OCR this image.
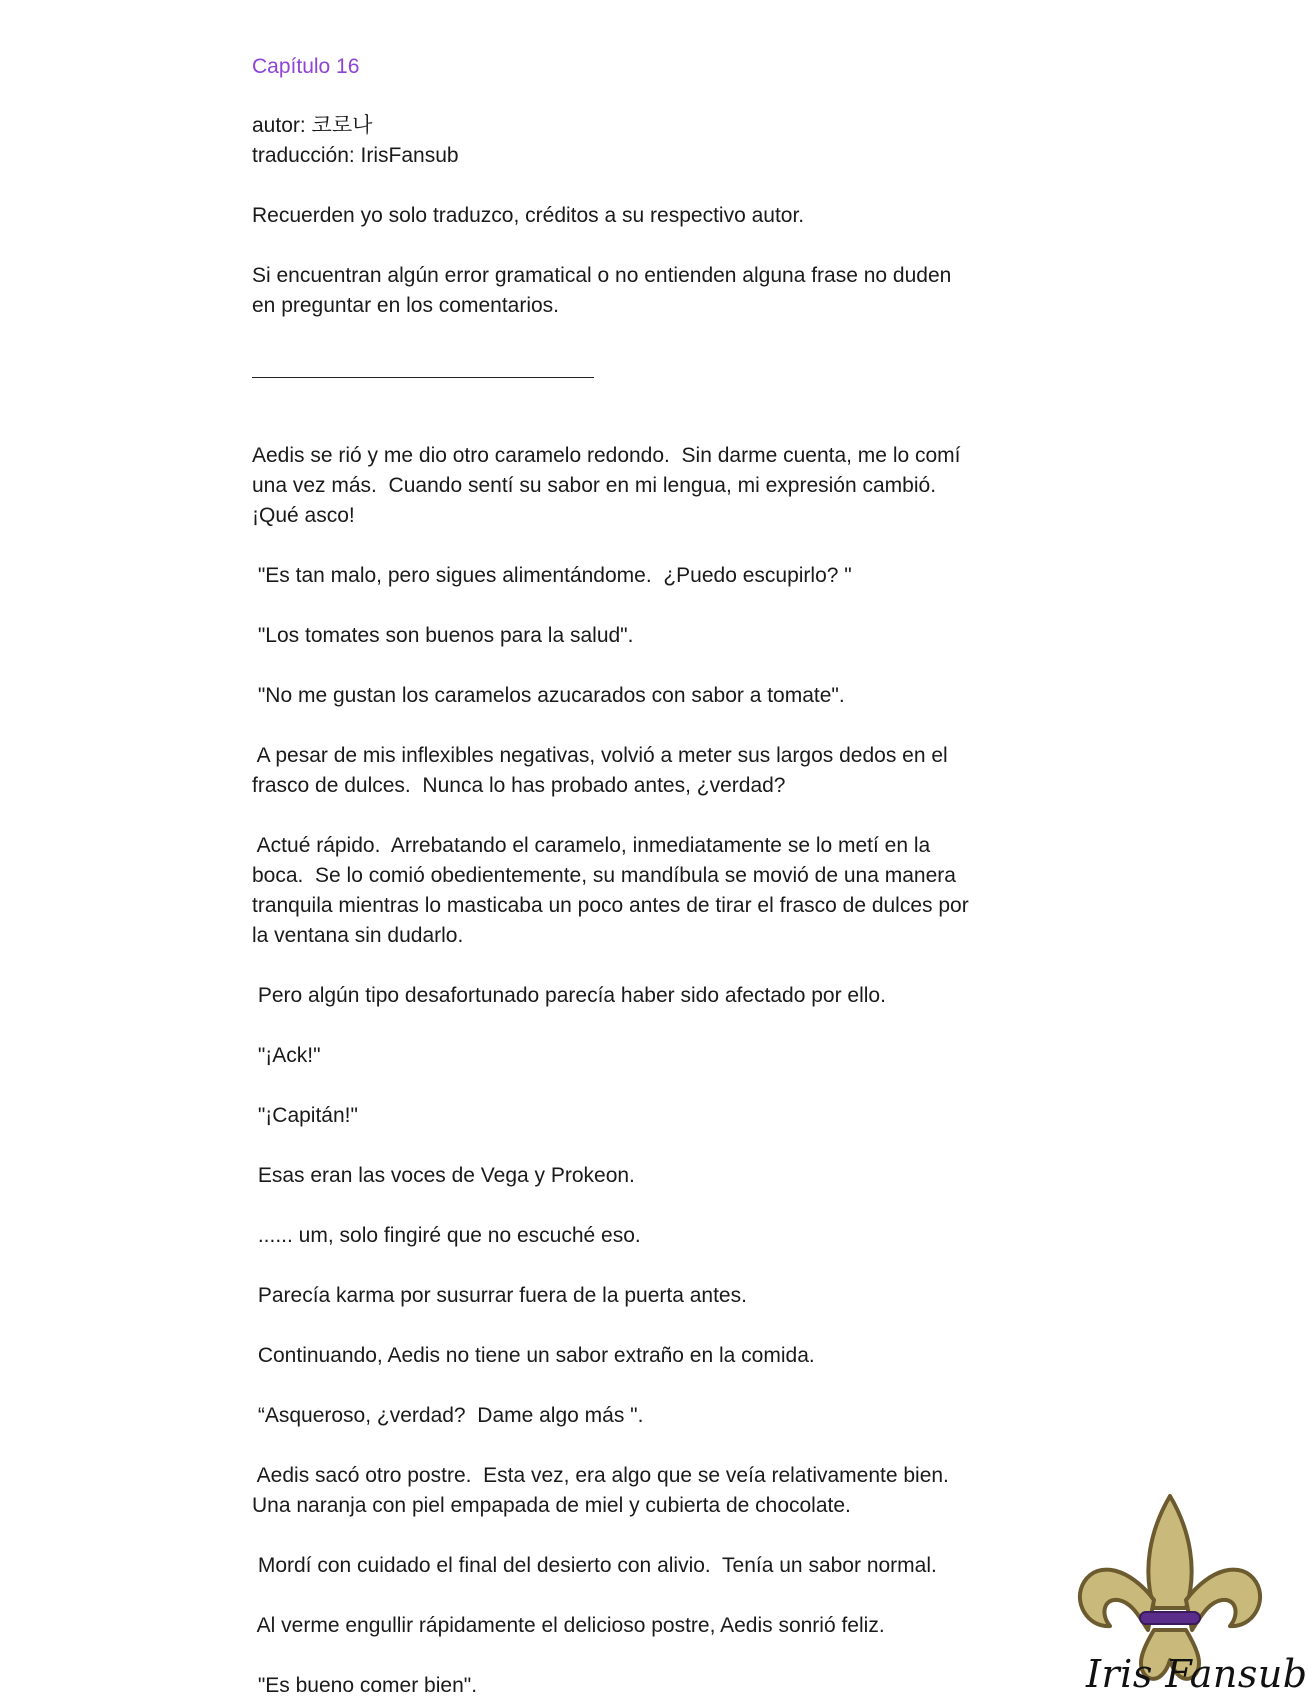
Capítulo 16
autor: 코로나
traducción: IrisFansub
Recuerden yo solo traduzco, créditos a su respectivo autor.
Si encuentran algún error gramatical o no entienden alguna frase no duden
en preguntar en los comentarios.
Aedis se rió y me dio otro caramelo redondo.  Sin darme cuenta, me lo comí
una vez más.  Cuando sentí su sabor en mi lengua, mi expresión cambió.
¡Qué asco!
"Es tan malo, pero sigues alimentándome.  ¿Puedo escupirlo? "
"Los tomates son buenos para la salud".
"No me gustan los caramelos azucarados con sabor a tomate".
A pesar de mis inflexibles negativas, volvió a meter sus largos dedos en el
frasco de dulces.  Nunca lo has probado antes, ¿verdad?
Actué rápido.  Arrebatando el caramelo, inmediatamente se lo metí en la
boca.  Se lo comió obedientemente, su mandíbula se movió de una manera
tranquila mientras lo masticaba un poco antes de tirar el frasco de dulces por
la ventana sin dudarlo.
Pero algún tipo desafortunado parecía haber sido afectado por ello.
"¡Ack!"
"¡Capitán!"
Esas eran las voces de Vega y Prokeon.
...... um, solo fingiré que no escuché eso.
Parecía karma por susurrar fuera de la puerta antes.
Continuando, Aedis no tiene un sabor extraño en la comida.
“Asqueroso, ¿verdad?  Dame algo más ".
Aedis sacó otro postre.  Esta vez, era algo que se veía relativamente bien.
Una naranja con piel empapada de miel y cubierta de chocolate.
Mordí con cuidado el final del desierto con alivio.  Tenía un sabor normal.
Al verme engullir rápidamente el delicioso postre, Aedis sonrió feliz.
"Es bueno comer bien".	Iris Fansub
